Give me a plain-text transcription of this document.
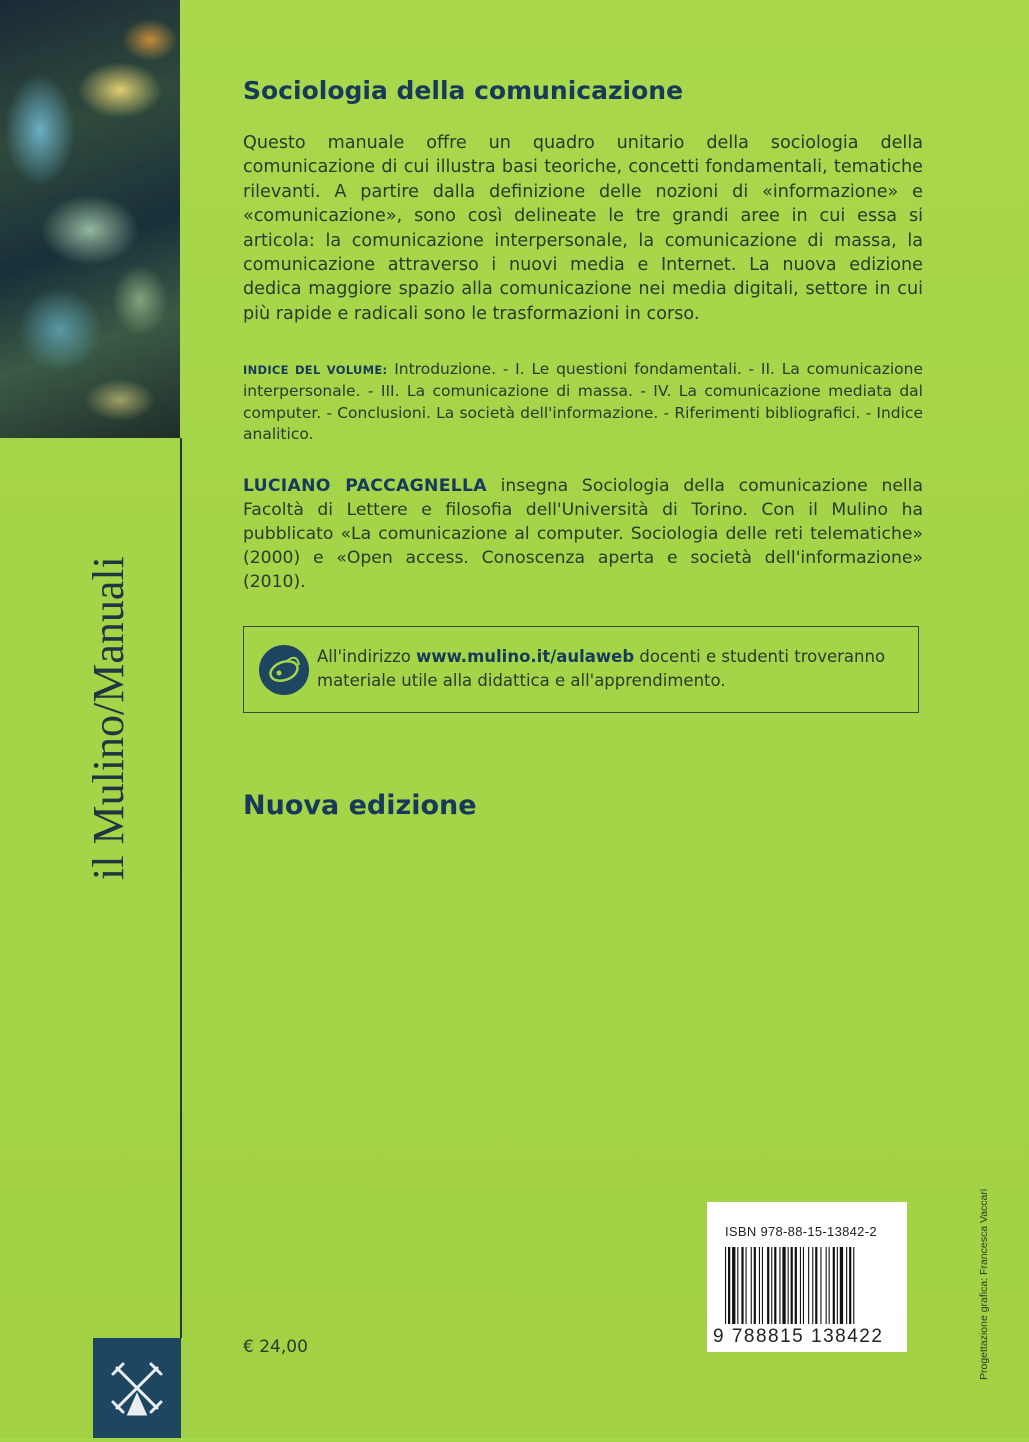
il Mulino/Manuali
Sociologia della comunicazione
Questo manuale offre un quadro unitario della sociologia della comunicazione di cui illustra basi teoriche, concetti fondamentali, tematiche rilevanti. A partire dalla definizione delle nozioni di «informazione» e «comunicazione», sono così delineate le tre grandi aree in cui essa si articola: la comunicazione interpersonale, la comunicazione di massa, la comunicazione attraverso i nuovi media e Internet. La nuova edizione dedica maggiore spazio alla comunicazione nei media digitali, settore in cui più rapide e radicali sono le trasformazioni in corso.
INDICE DEL VOLUME: Introduzione. - I. Le questioni fondamentali. - II. La comunicazione interpersonale. - III. La comunicazione di massa. - IV. La comunicazione mediata dal computer. - Conclusioni. La società dell'informazione. - Riferimenti bibliografici. - Indice analitico.
LUCIANO PACCAGNELLA insegna Sociologia della comunicazione nella Facoltà di Lettere e filosofia dell'Università di Torino. Con il Mulino ha pubblicato «La comunicazione al computer. Sociologia delle reti telematiche» (2000) e «Open access. Conoscenza aperta e società dell'informazione» (2010).
All'indirizzo www.mulino.it/aulaweb docenti e studenti troveranno materiale utile alla didattica e all'apprendimento.
Nuova edizione
€ 24,00
ISBN 978-88-15-13842-2
9 788815 138422	Progettazione grafica: Francesca Vaccari
